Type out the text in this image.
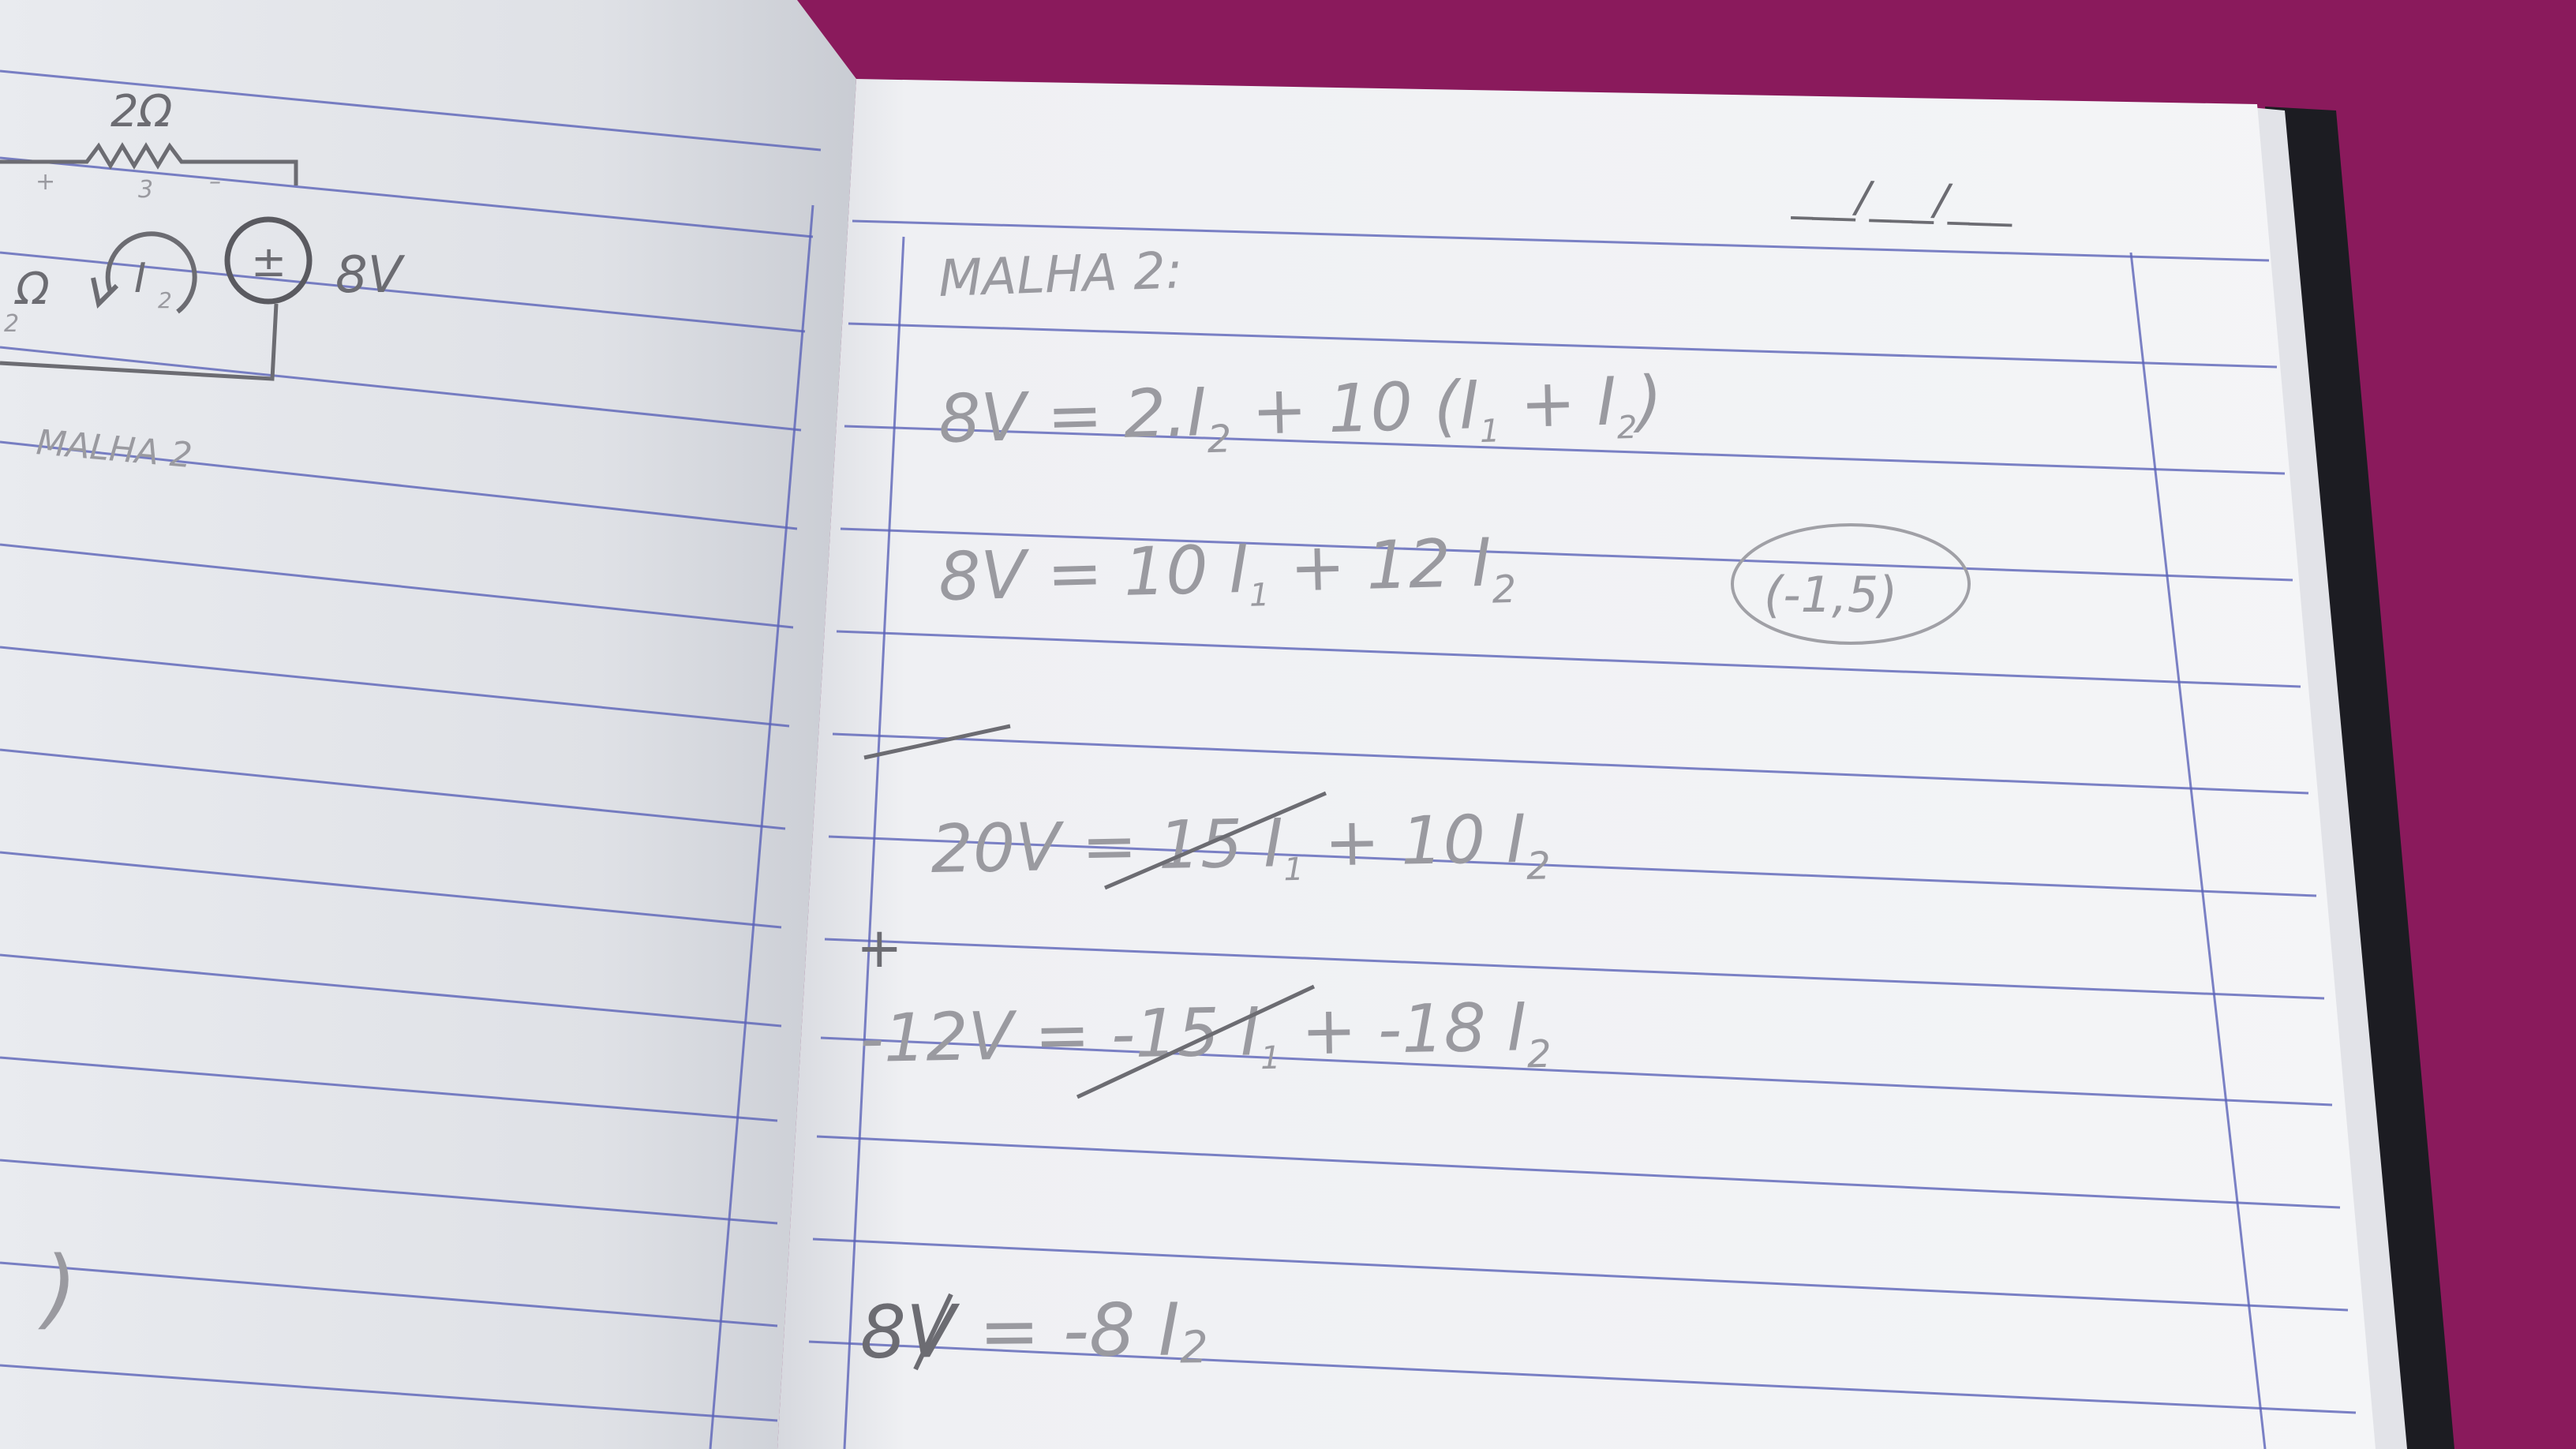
2Ω
+	3 –
Ω
2
I 2
± 8V
MALHA 2
)
___/___/___
MALHA 2:
$8V = 2.I_2 + 10$ $(I_1 + I_2)$
8V = 10 $I_1 + 12$ $I_2$	(-1,5)
20V = 15 $I_1 + 10$ $I_2$
+
-12V = -15 $I_1 + -18$ $I_2$
8V = -8 I2
